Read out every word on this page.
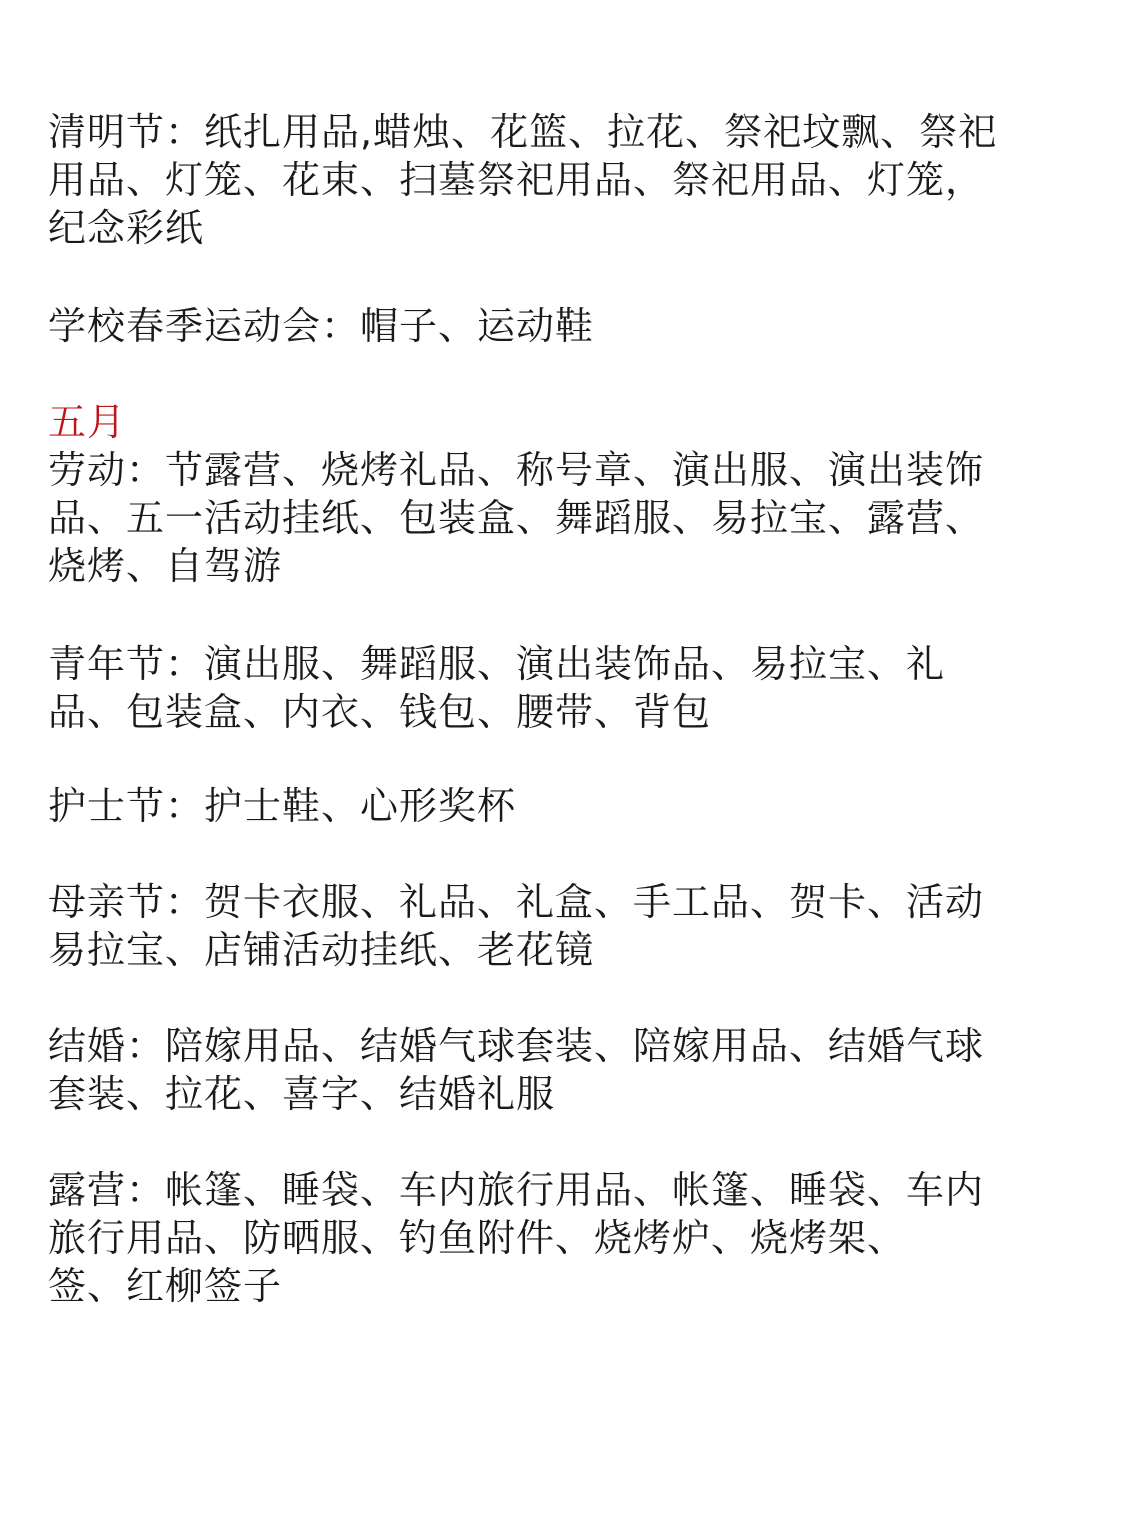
清明节：纸扎用品,蜡烛、花篮、拉花、祭祀坟飘、祭祀
用品、灯笼、花束、扫墓祭祀用品、祭祀用品、灯笼，
纪念彩纸

学校春季运动会：帽子、运动鞋

五月

劳动：节露营、烧烤礼品、称号章、演出服、演出装饰
品、五一活动挂纸、包装盒、舞蹈服、易拉宝、露营、
烧烤、自驾游

青年节：演出服、舞蹈服、演出装饰品、易拉宝、礼
品、包装盒、内衣、钱包、腰带、背包

护士节：护士鞋、心形奖杯

母亲节：贺卡衣服、礼品、礼盒、手工品、贺卡、活动
易拉宝、店铺活动挂纸、老花镜

结婚：陪嫁用品、结婚气球套装、陪嫁用品、结婚气球
套装、拉花、喜字、结婚礼服

露营：帐篷、睡袋、车内旅行用品、帐篷、睡袋、车内
旅行用品、防晒服、钓鱼附件、烧烤炉、烧烤架、
签、红柳签子
